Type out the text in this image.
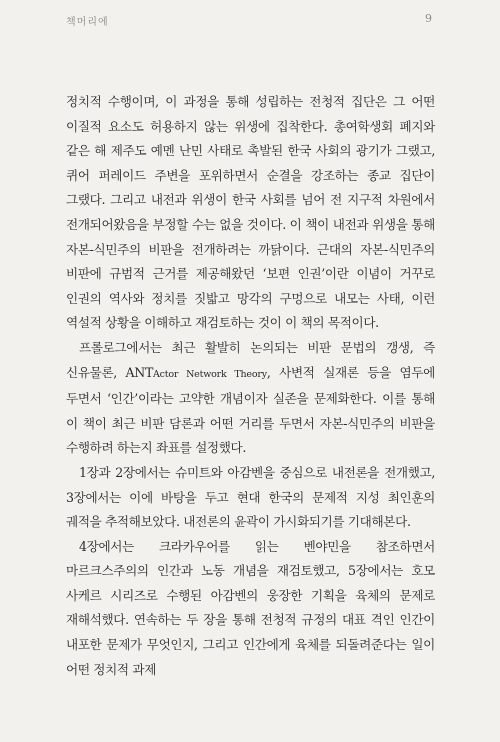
책머리에	9

정치적 수행이며, 이 과정을 통해 성립하는 전청적 집단은 그 어떤 이질적 요소도 허용하지 않는 위생에 집착한다. 총여학생회 폐지와 같은 해 제주도 예멘 난민 사태로 촉발된 한국 사회의 광기가 그랬고, 퀴어 퍼레이드 주변을 포위하면서 순결을 강조하는 종교 집단이 그랬다. 그리고 내전과 위생이 한국 사회를 넘어 전 지구적 차원에서 전개되어왔음을 부정할 수는 없을 것이다. 이 책이 내전과 위생을 통해 자본-식민주의 비판을 전개하려는 까닭이다. 근대의 자본-식민주의 비판에 규범적 근거를 제공해왔던 ‘보편 인권’이란 이념이 거꾸로 인권의 역사와 정치를 짓밟고 망각의 구멍으로 내모는 사태, 이런 역설적 상황을 이해하고 재검토하는 것이 이 책의 목적이다.

프롤로그에서는 최근 활발히 논의되는 비판 문법의 갱생, 즉 신유물론, ANTActor Network Theory, 사변적 실재론 등을 염두에 두면서 ‘인간’이라는 고약한 개념이자 실존을 문제화한다. 이를 통해 이 책이 최근 비판 담론과 어떤 거리를 두면서 자본-식민주의 비판을 수행하려 하는지 좌표를 설정했다.

1장과 2장에서는 슈미트와 아감벤을 중심으로 내전론을 전개했고, 3장에서는 이에 바탕을 두고 현대 한국의 문제적 지성 최인훈의 궤적을 추적해보았다. 내전론의 윤곽이 가시화되기를 기대해본다.

4장에서는 크라카우어를 읽는 벤야민을 참조하면서 마르크스주의의 인간과 노동 개념을 재검토했고, 5장에서는 호모 사케르 시리즈로 수행된 아감벤의 웅장한 기획을 육체의 문제로 재해석했다. 연속하는 두 장을 통해 전청적 규정의 대표 격인 인간이 내포한 문제가 무엇인지, 그리고 인간에게 육체를 되돌려준다는 일이 어떤 정치적 과제
